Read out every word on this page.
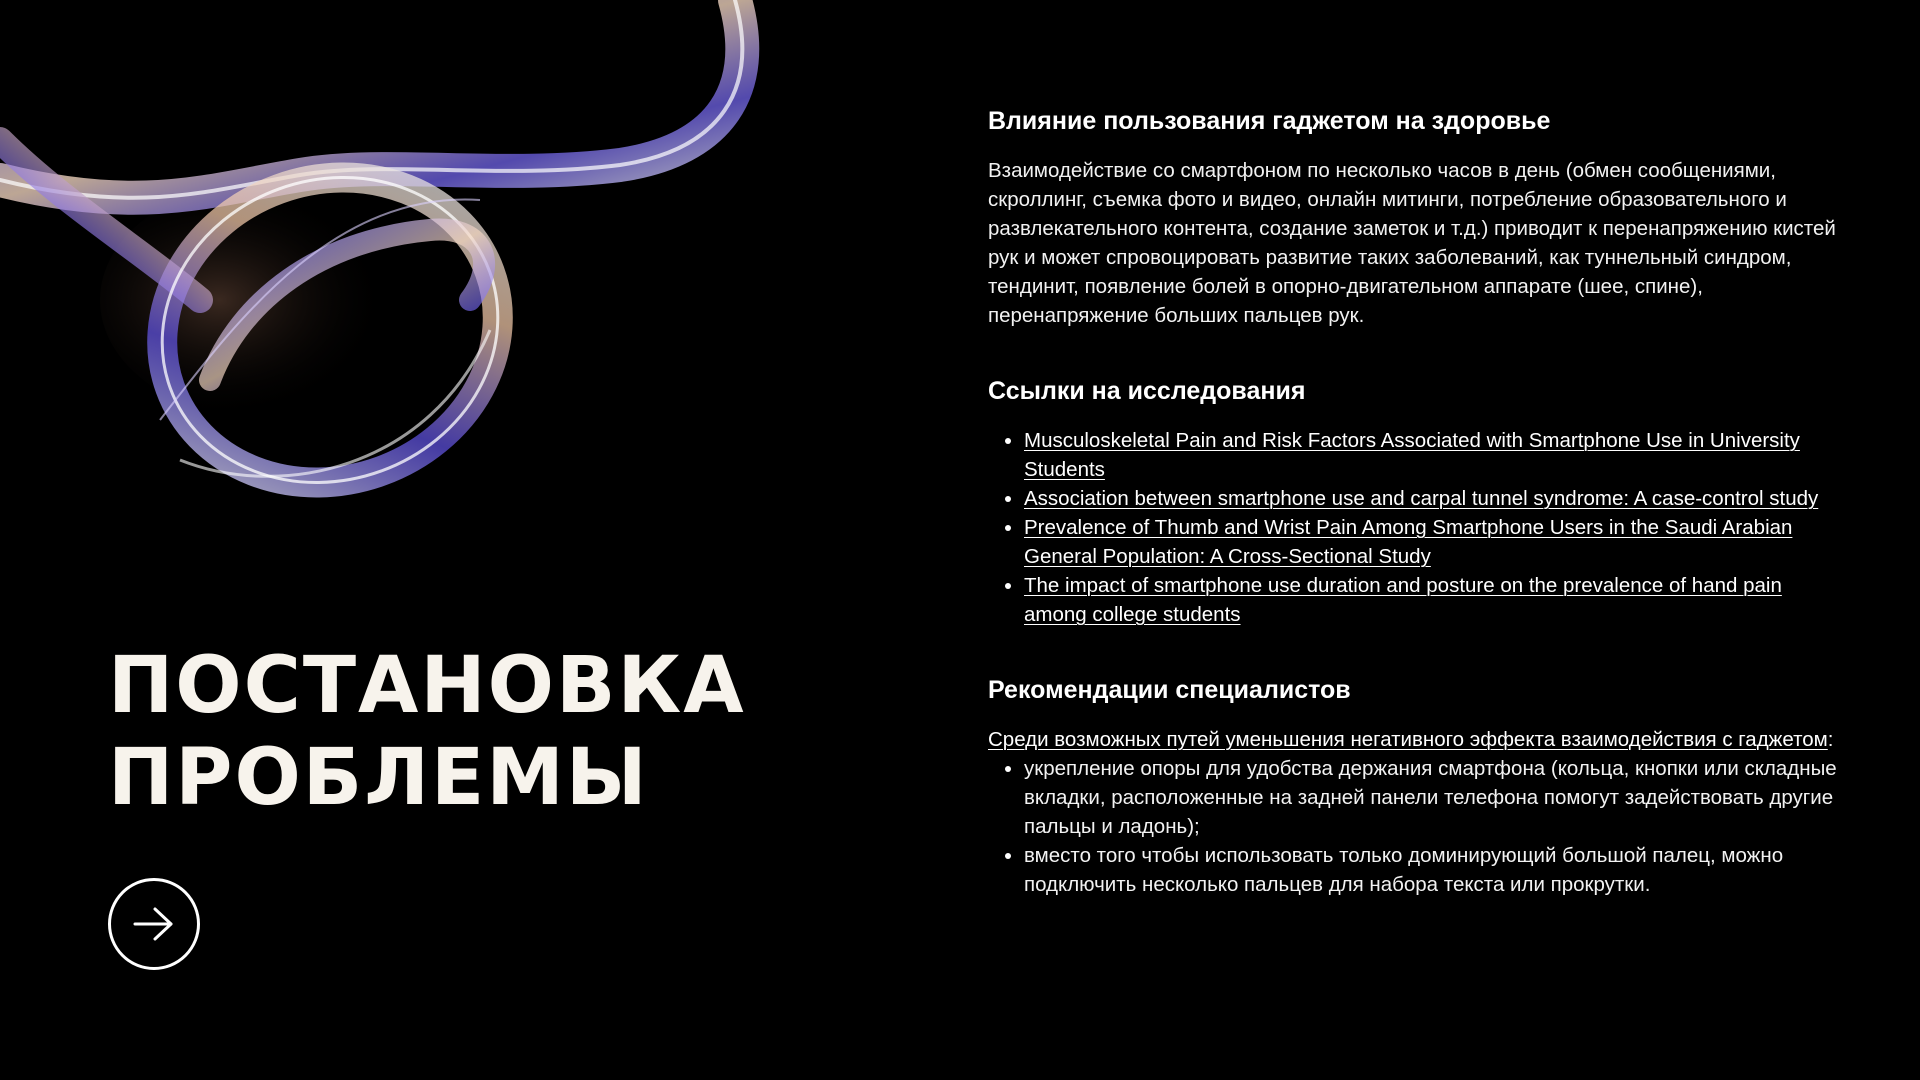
ПОСТАНОВКА
ПРОБЛЕМЫ
Влияние пользования гаджетом на здоровье

Взаимодействие со смартфоном по несколько часов в день (обмен сообщениями, скроллинг, съемка фото и видео, онлайн митинги, потребление образовательного и развлекательного контента, создание заметок и т.д.) приводит к перенапряжению кистей рук и может спровоцировать развитие таких заболеваний, как туннельный синдром, тендинит, появление болей в опорно-двигательном аппарате (шее, спине), перенапряжение больших пальцев рук.

Ссылки на исследования
• Musculoskeletal Pain and Risk Factors Associated with Smartphone Use in University Students
• Association between smartphone use and carpal tunnel syndrome: A case-control study
• Prevalence of Thumb and Wrist Pain Among Smartphone Users in the Saudi Arabian General Population: A Cross-Sectional Study
• The impact of smartphone use duration and posture on the prevalence of hand pain among college students
Рекомендации специалистов

Среди возможных путей уменьшения негативного эффекта взаимодействия с гаджетом:

• укрепление опоры для удобства держания смартфона (кольца, кнопки или складные вкладки, расположенные на задней панели телефона помогут задействовать другие пальцы и ладонь);
• вместо того чтобы использовать только доминирующий большой палец, можно подключить несколько пальцев для набора текста или прокрутки.
